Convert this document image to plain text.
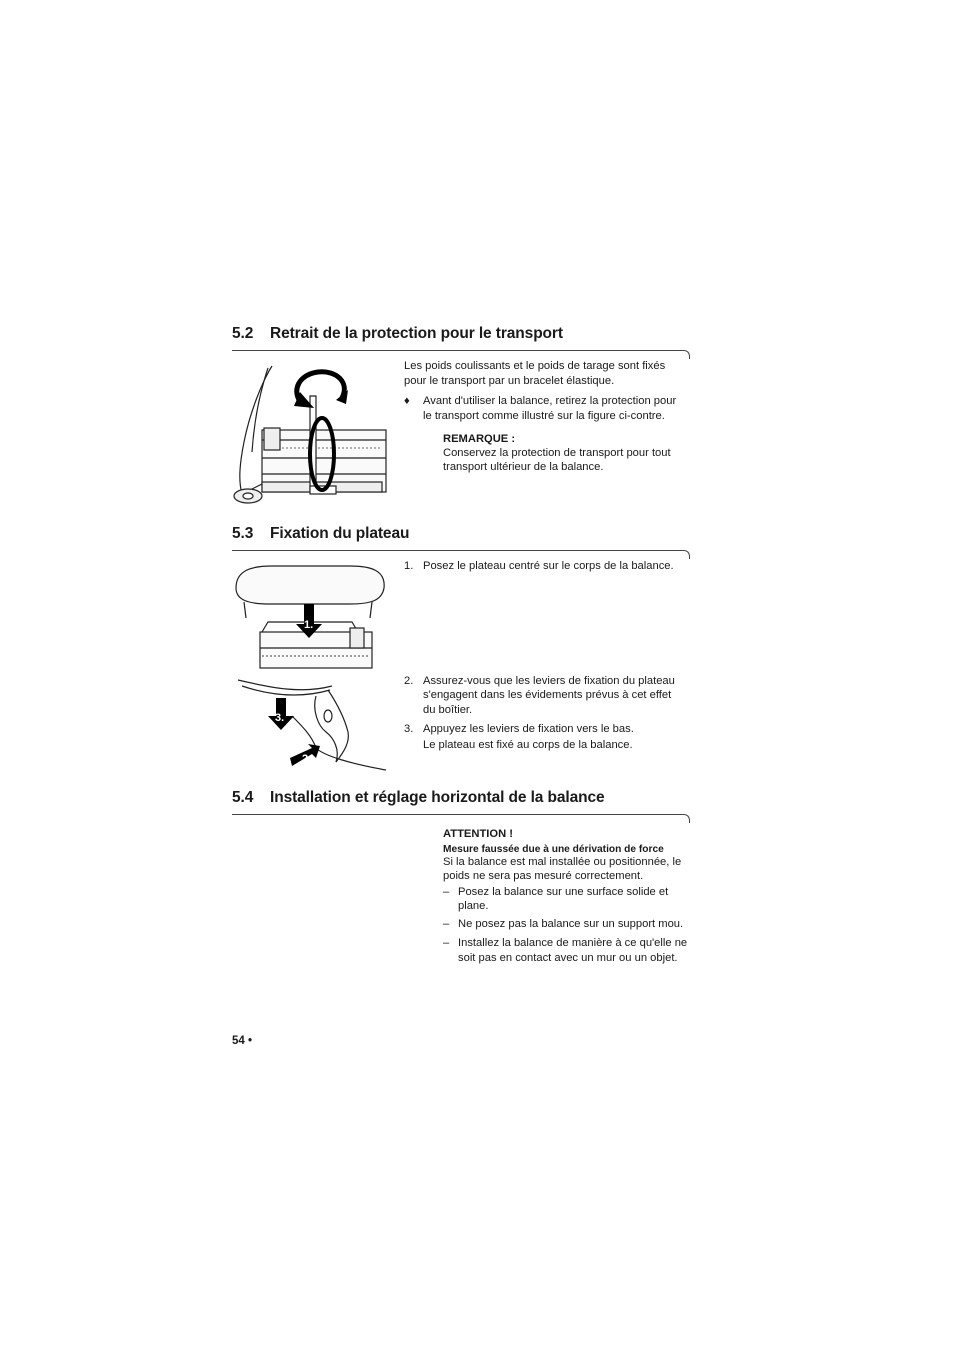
5.2 Retrait de la protection pour le transport
Les poids coulissants et le poids de tarage sont fixés
pour le transport par un bracelet élastique.
♦ Avant d'utiliser la balance, retirez la protection pour
le transport comme illustré sur la figure ci-contre.
REMARQUE :
Conservez la protection de transport pour tout
transport ultérieur de la balance.
5.3 Fixation du plateau
1. Posez le plateau centré sur le corps de la balance.
2. Assurez-vous que les leviers de fixation du plateau
s'engagent dans les évidements prévus à cet effet
du boîtier.
3. Appuyez les leviers de fixation vers le bas.
Le plateau est fixé au corps de la balance.
1.
3.
2.
5.4 Installation et réglage horizontal de la balance
ATTENTION !
Mesure faussée due à une dérivation de force
Si la balance est mal installée ou positionnée, le
poids ne sera pas mesuré correctement.
– Posez la balance sur une surface solide et
plane.
– Ne posez pas la balance sur un support mou.
– Installez la balance de manière à ce qu'elle ne
soit pas en contact avec un mur ou un objet.
54 •
